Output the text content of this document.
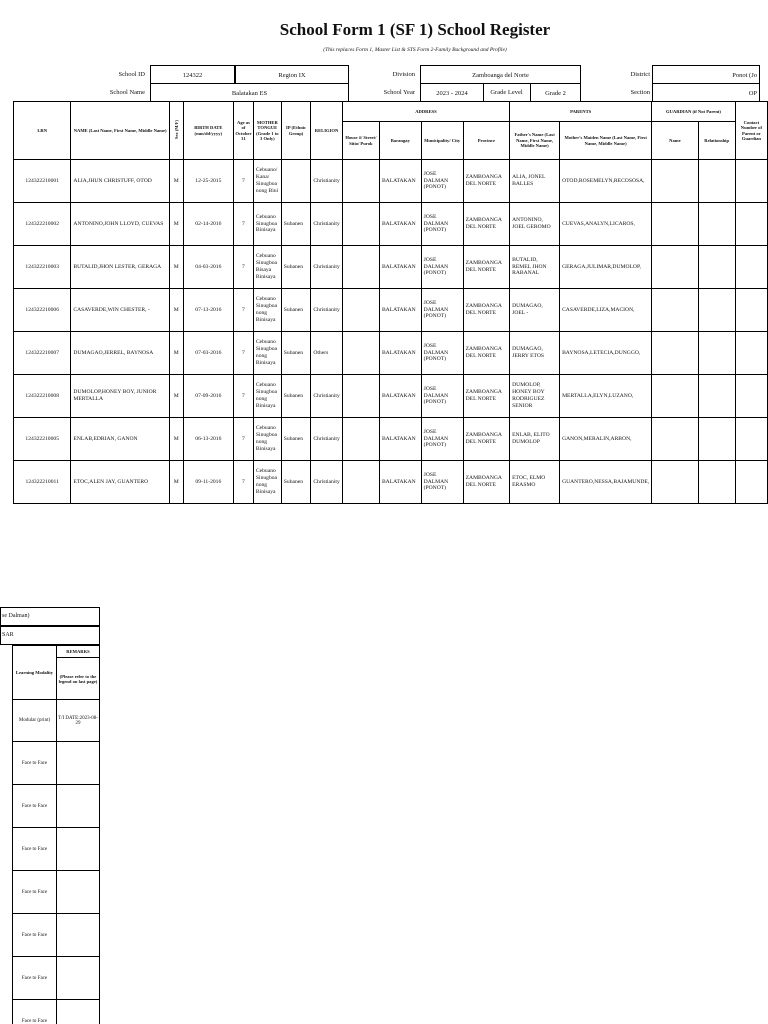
School Form 1 (SF 1) School Register
(This replaces Form 1, Master List & STS Form 2-Family Background and Profile)
School ID	124322	Region IX	Division	Zamboanga del Norte	District	Ponot (Jo
School Name	Balatakan ES	School Year	2023 - 2024	Grade Level	Grade 2	Section	OP
LRN	NAME (Last Name, First Name, Middle Name)	Sex (M/F)	BIRTH DATE (mm/dd/yyyy)	Age as of October 31	MOTHER TONGUE (Grade 1 to 3 Only)	IP (Ethnic Group)	RELIGION	ADDRESS				PARENTS		GUARDIAN (if Not Parent)		Contact Number of Parent or Guardian
								House #/ Street/ Sitio/ Purok	Barangay	Municipality/ City	Province	Father's Name (Last Name, First Name, Middle Name)	Mother's Maiden Name (Last Name, First Name, Middle Name)	Name	Relationship	
124322210001	ALIA,JHUN CHRISTUFF, OTOD	M	12-25-2015	7	Cebuano/ Kana/ Sinugboa nong Bini		Christianity		BALATAKAN	JOSE DALMAN (PONOT)	ZAMBOANGA DEL NORTE	ALIA, JONEL BALLES	OTOD,ROSEMELYN,RECOSOSA,			
124322210002	ANTONINO,JOHN LLOYD, CUEVAS	M	02-14-2016	7	Cebuano Sinugboa Binisaya	Subanen	Christianity		BALATAKAN	JOSE DALMAN (PONOT)	ZAMBOANGA DEL NORTE	ANTONINO, JOEL GEROMO	CUEVAS,ANALYN,LICAROS,			
124322210003	BUTALID,JHON LESTER, GERAGA	M	04-03-2016	7	Cebuano Sinugboa Bisaya Binisaya	Subanen	Christianity		BALATAKAN	JOSE DALMAN (PONOT)	ZAMBOANGA DEL NORTE	BUTALID, REMEL JHON RABANAL	GERAGA,JULIMAR,DUMOLOP,			
124322210006	CASAVERDE,WIN CHESTER, -	M	07-13-2016	7	Cebuano Sinugboa nong Binisaya	Subanen	Christianity		BALATAKAN	JOSE DALMAN (PONOT)	ZAMBOANGA DEL NORTE	DUMAGAO, JOEL -	CASAVERDE,LIZA,MACION,			
124322210007	DUMAGAO,JERREL, BAYNOSA	M	07-03-2016	7	Cebuano Sinugboa nong Binisaya	Subanen	Others		BALATAKAN	JOSE DALMAN (PONOT)	ZAMBOANGA DEL NORTE	DUMAGAO, JERRY ETOS	BAYNOSA,LETECIA,DUNGGO,			
124322210008	DUMOLOP,HONEY BOY, JUNIOR MERTALLA	M	07-09-2016	7	Cebuano Sinugboa nong Binisaya	Subanen	Christianity		BALATAKAN	JOSE DALMAN (PONOT)	ZAMBOANGA DEL NORTE	DUMOLOP, HONEY BOY RODRIGUEZ SENIOR	MERTALLA,ELYN,LUZANO,			
124322210005	ENLAB,EDRIAN, GANON	M	06-13-2016	7	Cebuano Sinugboa nong Binisaya	Subanen	Christianity		BALATAKAN	JOSE DALMAN (PONOT)	ZAMBOANGA DEL NORTE	ENLAB, ELITO DUMOLOP	GANON,MERALIN,ARBON,			
124322210011	ETOC,ALEN JAY, GUANTERO	M	09-11-2016	7	Cebuano Sinugboa nong Binisaya	Subanen	Christianity		BALATAKAN	JOSE DALMAN (PONOT)	ZAMBOANGA DEL NORTE	ETOC, ELMO ERASMO	GUANTERO,NESSA,BAJAMUNDE,			
se Dalman)
SAR
Learning Modality	REMARKS
	(Please refer to the legend on last page)
Modular (print)	T/I DATE:2023-08-29
Face to Face	
Face to Face	
Face to Face	
Face to Face	
Face to Face	
Face to Face	
Face to Face	
